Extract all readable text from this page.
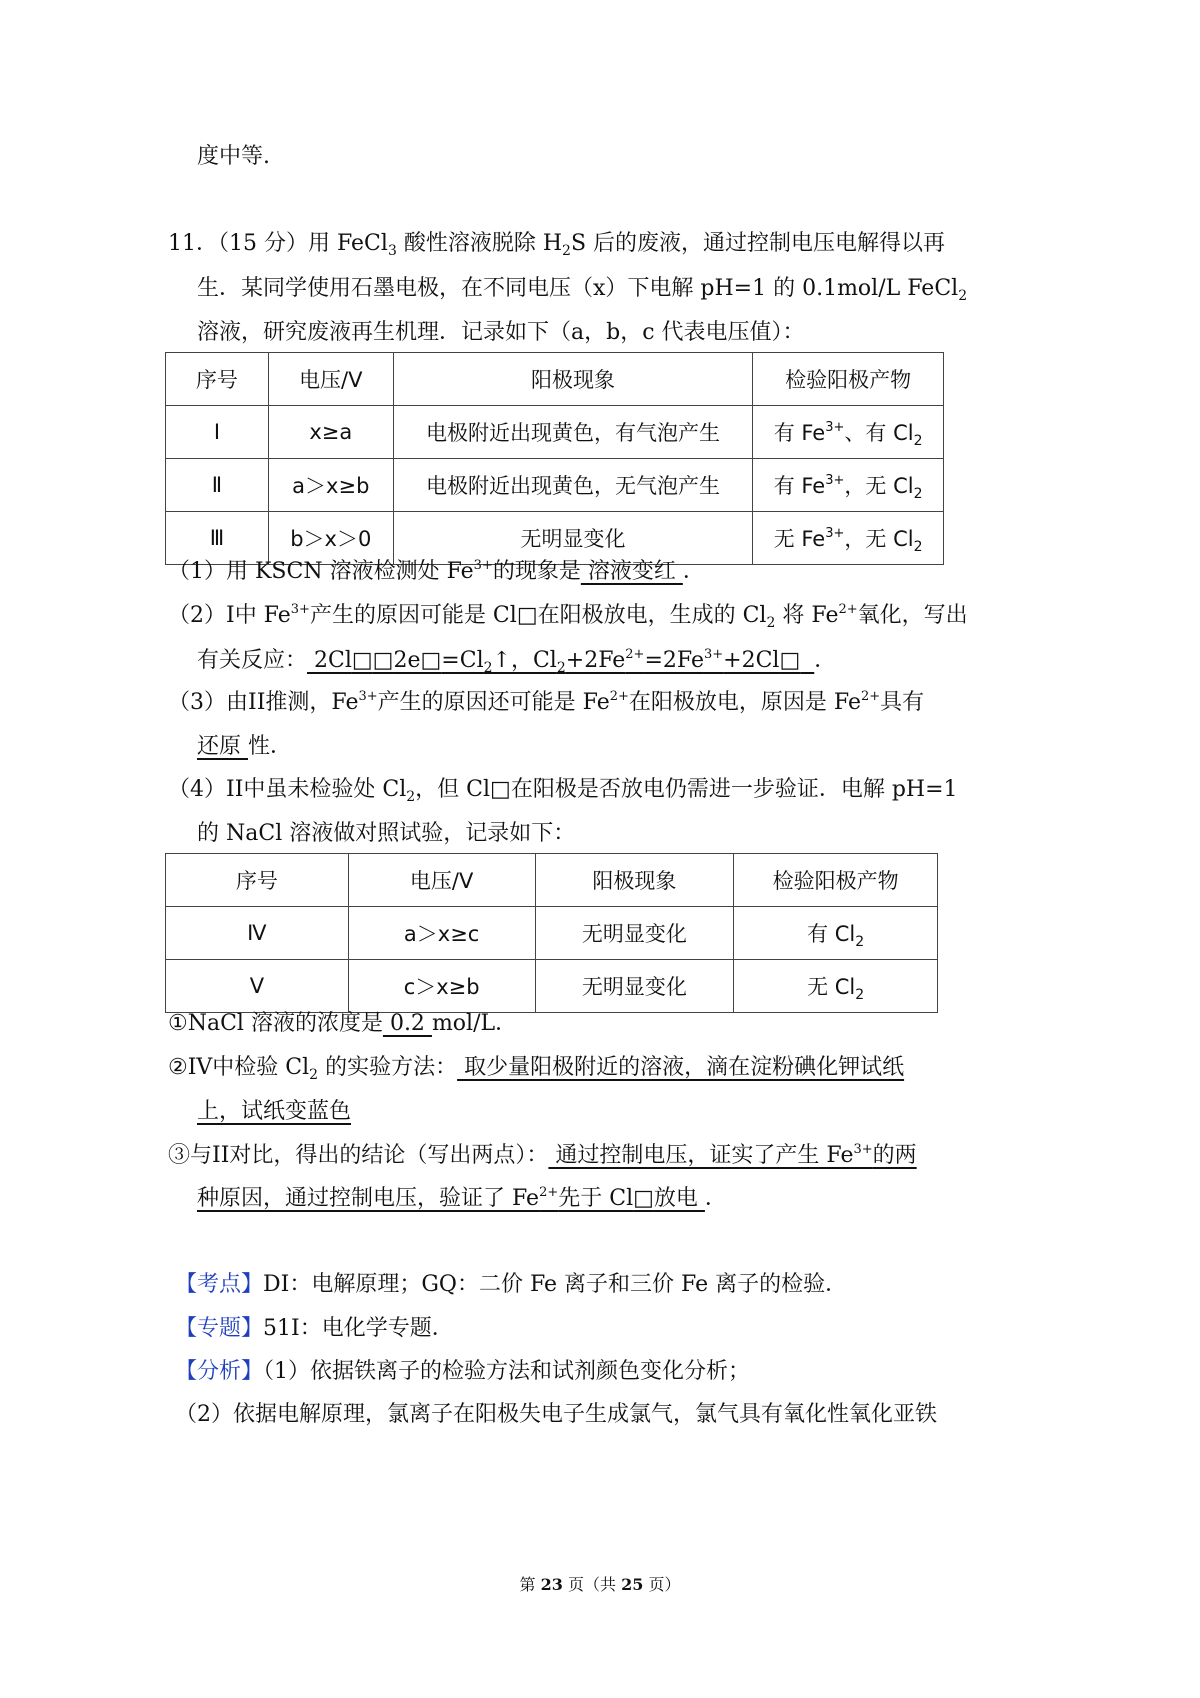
度中等.
11．（15 分）用 FeCl$_3$ 酸性溶液脱除 $H_2S$ 后的废液，通过控制电压电解得以再
生．某同学使用石墨电极，在不同电压（x）下电解 pH=1 的 0.1mol/L FeCl$_2$
溶液，研究废液再生机理．记录如下（a，b，c 代表电压值）：
序号	电压/V	阳极现象	检验阳极产物
Ⅰ	x≥a	电极附近出现黄色，有气泡产生	有 $Fe^{3+}$、有 $Cl_2$
Ⅱ	a＞x≥b	电极附近出现黄色，无气泡产生	有 $Fe^{3+}$，无 $Cl_2$
Ⅲ	b＞x＞0	无明显变化	无 $Fe^{3+}$，无 $Cl_2$
（1）用 KSCN 溶液检测处 $Fe^{3+}$的现象是 溶液变红 ．
（2）I中 $Fe^{3+}$产生的原因可能是 Cl□在阳极放电，生成的 $Cl_2$ 将 $Fe^{2+}$氧化，写出
有关反应： $2Cl□□2e□=Cl_2↑$，$Cl_2+2Fe^{2+}=2Fe^{3+}+2Cl□$ ．
（3）由II推测，$Fe^{3+}$产生的原因还可能是 $Fe^{2+}$在阳极放电，原因是 $Fe^{2+}$具有
还原 性．
（4）II中虽未检验处 $Cl_2$，但 Cl□在阳极是否放电仍需进一步验证．电解 pH=1
的 NaCl 溶液做对照试验，记录如下：
序号	电压/V	阳极现象	检验阳极产物
Ⅳ	a＞x≥c	无明显变化	有 $Cl_2$
Ⅴ	c＞x≥b	无明显变化	无 $Cl_2$
①NaCl 溶液的浓度是 0.2 mol/L．
②IV中检验 $Cl_2$ 的实验方法： 取少量阳极附近的溶液，滴在淀粉碘化钾试纸
上，试纸变蓝色
③与II对比，得出的结论（写出两点）： 通过控制电压，证实了产生 $Fe^{3+}$的两
种原因，通过控制电压，验证了 $Fe^{2+}$先于 Cl□放电 ．
【考点】DI：电解原理；GQ：二价 Fe 离子和三价 Fe 离子的检验．
【专题】51I：电化学专题．
【分析】（1）依据铁离子的检验方法和试剂颜色变化分析；
（2）依据电解原理，氯离子在阳极失电子生成氯气，氯气具有氧化性氧化亚铁
第 23 页（共 25 页）
